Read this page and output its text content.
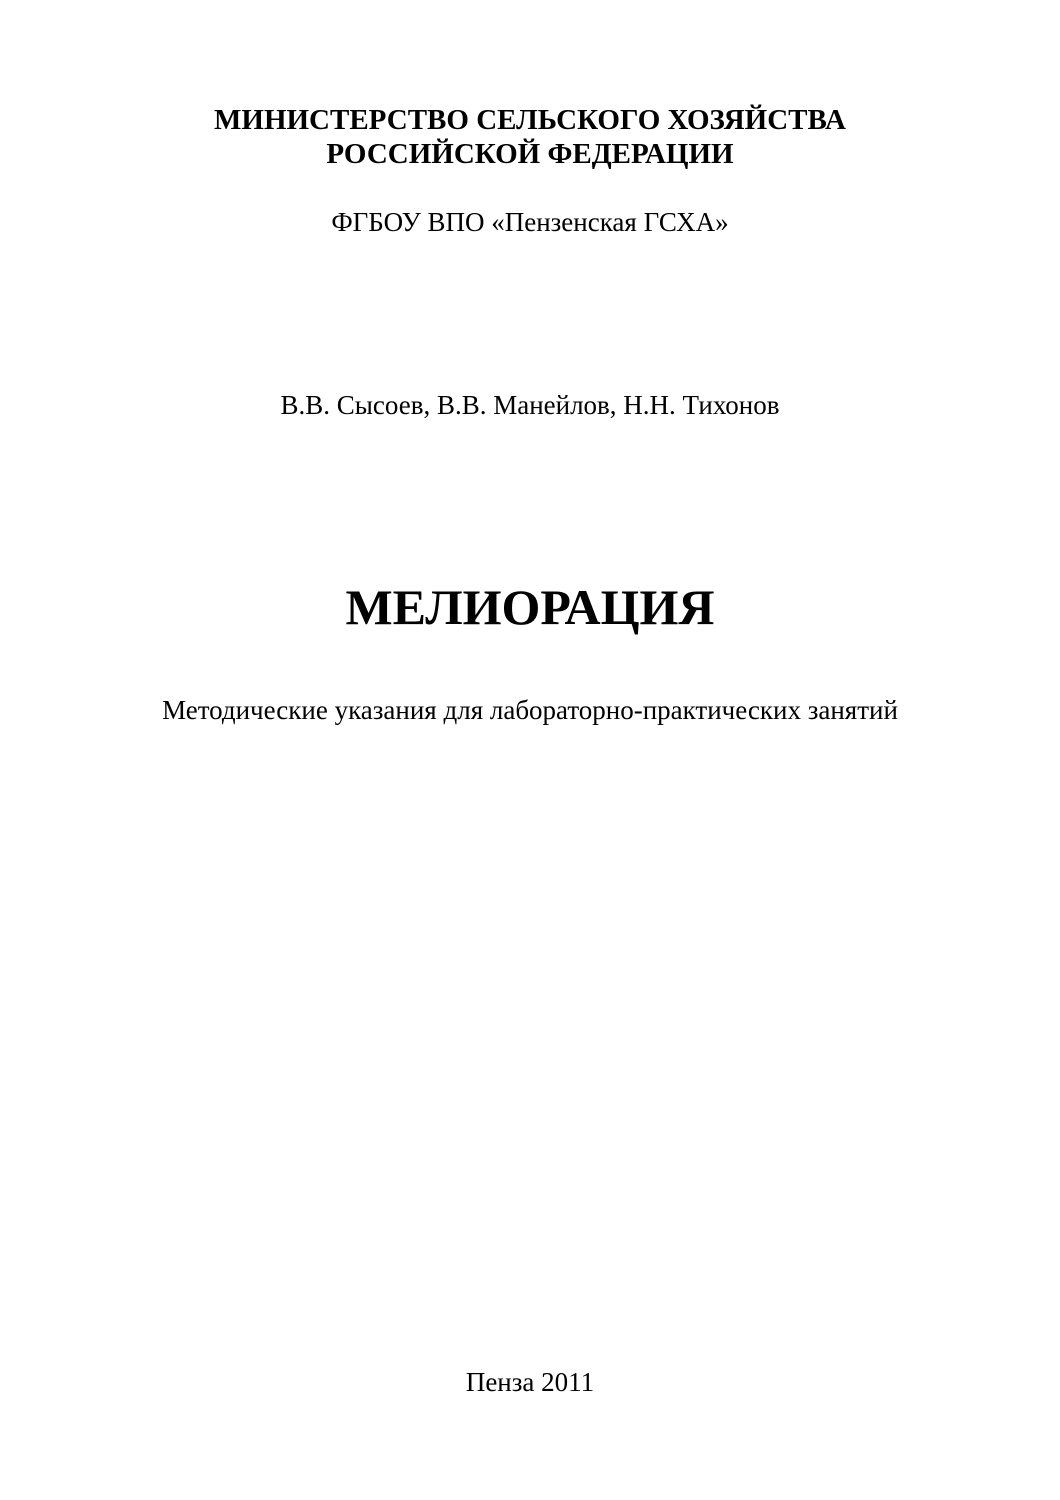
МИНИСТЕРСТВО СЕЛЬСКОГО ХОЗЯЙСТВА
РОССИЙСКОЙ ФЕДЕРАЦИИ
ФГБОУ ВПО «Пензенская ГСХА»
В.В. Сысоев, В.В. Манейлов, Н.Н. Тихонов
МЕЛИОРАЦИЯ
Методические указания для лабораторно-практических занятий
Пенза 2011
